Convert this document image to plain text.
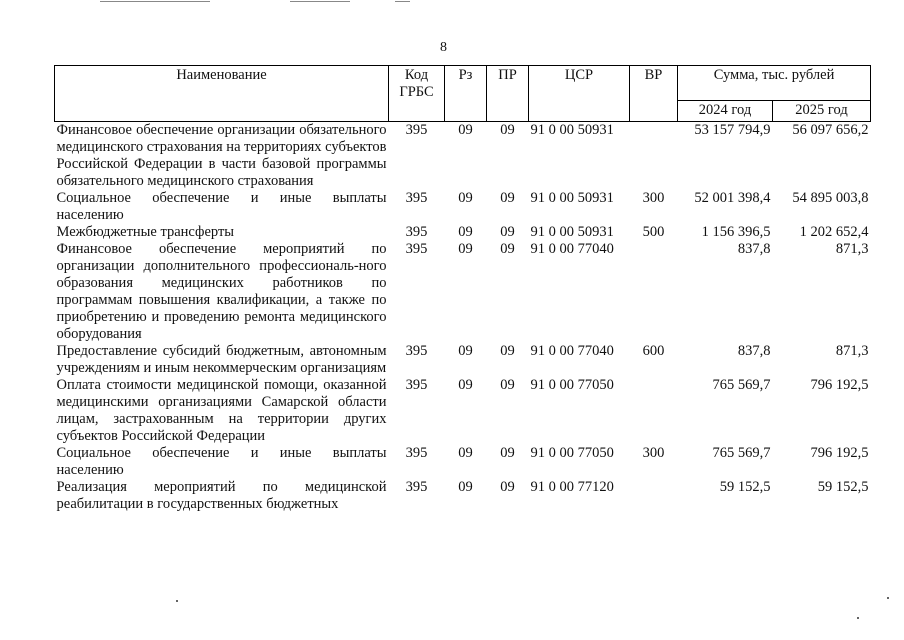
8
Наименование	Код ГРБС	Рз	ПР	ЦСР	ВР	Сумма, тыс. рублей	
						2024 год	2025 год
Финансовое обеспечение организации обязательного медицинского страхования на территориях субъектов Российской Федерации в части базовой программы обязательного медицинского страхования	395	09	09	91 0 00 50931		53 157 794,9	56 097 656,2
Социальное обеспечение и иные выплаты населению	395	09	09	91 0 00 50931	300	52 001 398,4	54 895 003,8
Межбюджетные трансферты	395	09	09	91 0 00 50931	500	1 156 396,5	1 202 652,4
Финансовое обеспечение мероприятий по организации дополнительного профессиональ-ного образования медицинских работников по программам повышения квалификации, а также по приобретению и проведению ремонта медицинского оборудования	395	09	09	91 0 00 77040		837,8	871,3
Предоставление субсидий бюджетным, автономным учреждениям и иным некоммерческим организациям	395	09	09	91 0 00 77040	600	837,8	871,3
Оплата стоимости медицинской помощи, оказанной медицинскими организациями Самарской области лицам, застрахованным на территории других субъектов Российской Федерации	395	09	09	91 0 00 77050		765 569,7	796 192,5
Социальное обеспечение и иные выплаты населению	395	09	09	91 0 00 77050	300	765 569,7	796 192,5
Реализация мероприятий по медицинской реабилитации в государственных бюджетных	395	09	09	91 0 00 77120		59 152,5	59 152,5
